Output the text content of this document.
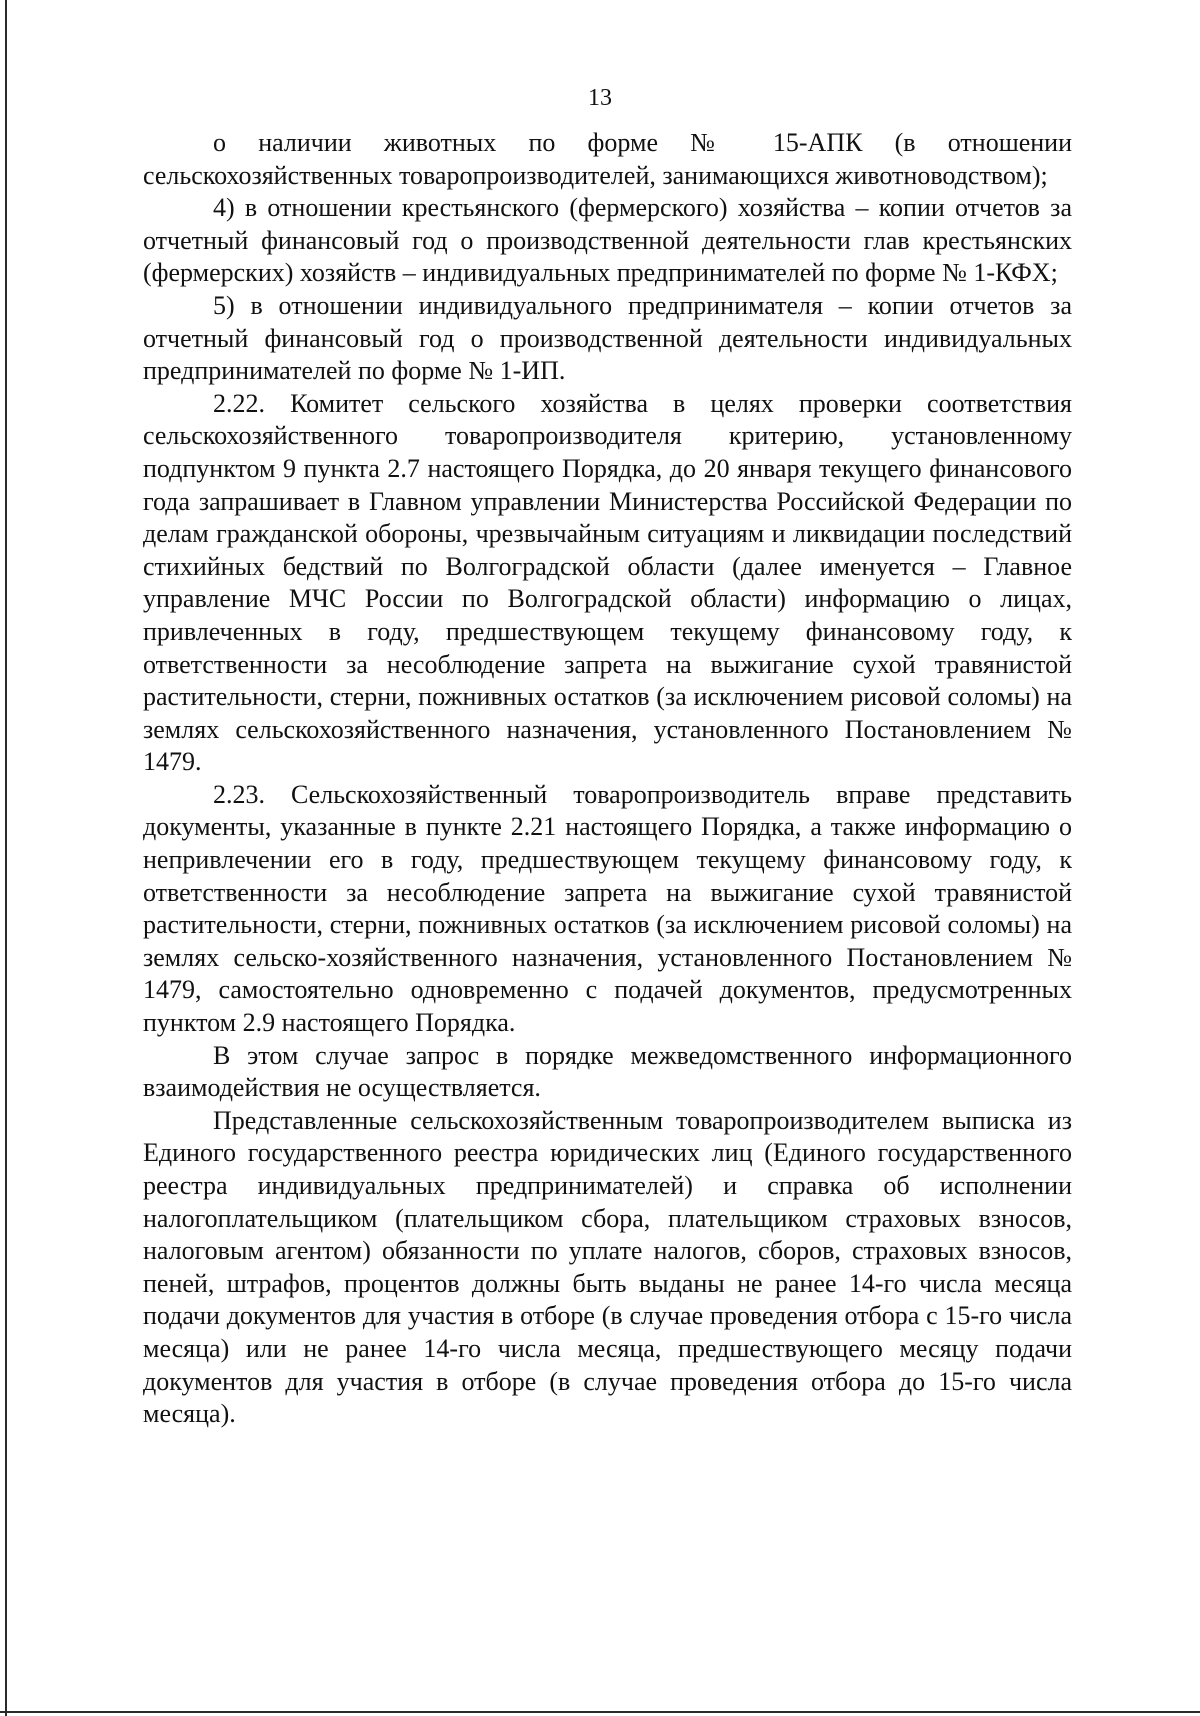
13

о наличии животных по форме № 15-АПК (в отношении сельскохозяйственных товаропроизводителей, занимающихся животноводством);

4) в отношении крестьянского (фермерского) хозяйства – копии отчетов за отчетный финансовый год о производственной деятельности глав крестьянских (фермерских) хозяйств – индивидуальных предпринимателей по форме № 1-КФХ;

5) в отношении индивидуального предпринимателя – копии отчетов за отчетный финансовый год о производственной деятельности индивидуальных предпринимателей по форме № 1-ИП.

2.22. Комитет сельского хозяйства в целях проверки соответствия сельскохозяйственного товаропроизводителя критерию, установленному подпунктом 9 пункта 2.7 настоящего Порядка, до 20 января текущего финансового года запрашивает в Главном управлении Министерства Российской Федерации по делам гражданской обороны, чрезвычайным ситуациям и ликвидации последствий стихийных бедствий по Волгоградской области (далее именуется – Главное управление МЧС России по Волгоградской области) информацию о лицах, привлеченных в году, предшествующем текущему финансовому году, к ответственности за несоблюдение запрета на выжигание сухой травянистой растительности, стерни, пожнивных остатков (за исключением рисовой соломы) на землях сельскохозяйственного назначения, установленного Постановлением № 1479.

2.23. Сельскохозяйственный товаропроизводитель вправе представить документы, указанные в пункте 2.21 настоящего Порядка, а также информацию о непривлечении его в году, предшествующем текущему финансовому году, к ответственности за несоблюдение запрета на выжигание сухой травянистой растительности, стерни, пожнивных остатков (за исключением рисовой соломы) на землях сельско-хозяйственного назначения, установленного Постановлением № 1479, самостоятельно одновременно с подачей документов, предусмотренных пунктом 2.9 настоящего Порядка.

В этом случае запрос в порядке межведомственного информационного взаимодействия не осуществляется.

Представленные сельскохозяйственным товаропроизводителем выписка из Единого государственного реестра юридических лиц (Единого государственного реестра индивидуальных предпринимателей) и справка об исполнении налогоплательщиком (плательщиком сбора, плательщиком страховых взносов, налоговым агентом) обязанности по уплате налогов, сборов, страховых взносов, пеней, штрафов, процентов должны быть выданы не ранее 14-го числа месяца подачи документов для участия в отборе (в случае проведения отбора с 15-го числа месяца) или не ранее 14-го числа месяца, предшествующего месяцу подачи документов для участия в отборе (в случае проведения отбора до 15-го числа месяца).
